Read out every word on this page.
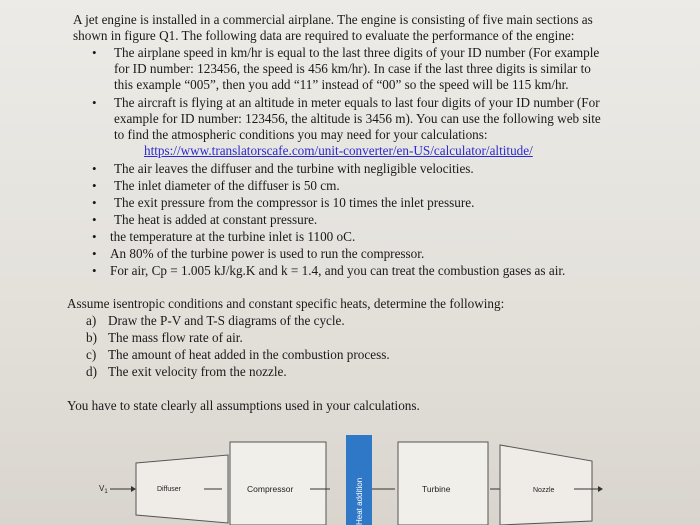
A jet engine is installed in a commercial airplane. The engine is consisting of five main sections as
shown in figure Q1. The following data are required to evaluate the performance of the engine:
• The airplane speed in km/hr is equal to the last three digits of your ID number (For example
for ID number: 123456, the speed is 456 km/hr). In case if the last three digits is similar to
this example “005”, then you add “11” instead of “00” so the speed will be 115 km/hr.
• The aircraft is flying at an altitude in meter equals to last four digits of your ID number (For
example for ID number: 123456, the altitude is 3456 m). You can use the following web site
to find the atmospheric conditions you may need for your calculations:
https://www.translatorscafe.com/unit-converter/en-US/calculator/altitude/
• The air leaves the diffuser and the turbine with negligible velocities.
• The inlet diameter of the diffuser is 50 cm.
• The exit pressure from the compressor is 10 times the inlet pressure.
• The heat is added at constant pressure.
• the temperature at the turbine inlet is 1100 oC.
• An 80% of the turbine power is used to run the compressor.
• For air, Cp = 1.005 kJ/kg.K and k = 1.4, and you can treat the combustion gases as air.
Assume isentropic conditions and constant specific heats, determine the following:
a) Draw the P-V and T-S diagrams of the cycle.
b) The mass flow rate of air.
c) The amount of heat added in the combustion process.
d) The exit velocity from the nozzle.
You have to state clearly all assumptions used in your calculations.
$V_1$	Diffuser	Compressor	Heat addition	Turbine	Nozzle
